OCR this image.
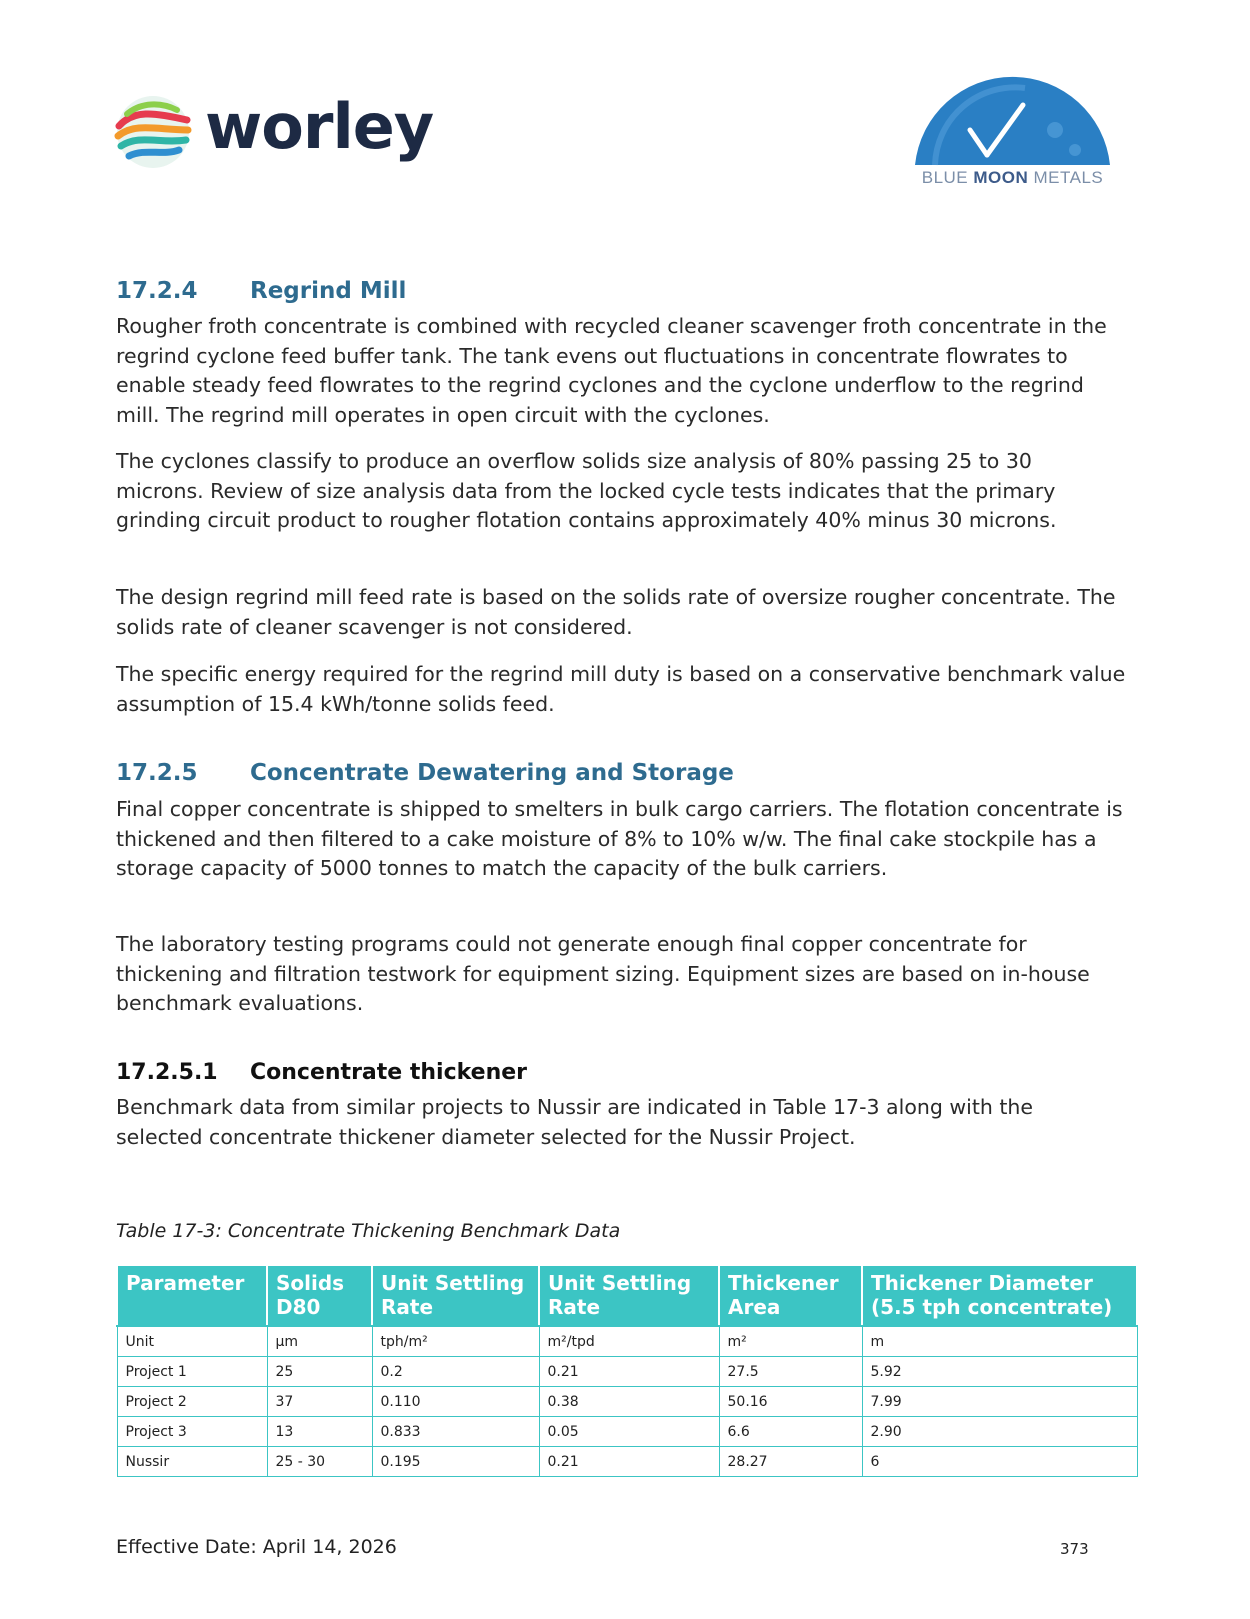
worley
BLUE MOON METALS
17.2.4 Regrind Mill

Rougher froth concentrate is combined with recycled cleaner scavenger froth concentrate in the regrind cyclone feed buffer tank. The tank evens out fluctuations in concentrate flowrates to enable steady feed flowrates to the regrind cyclones and the cyclone underflow to the regrind mill. The regrind mill operates in open circuit with the cyclones.

The cyclones classify to produce an overflow solids size analysis of 80% passing 25 to 30 microns. Review of size analysis data from the locked cycle tests indicates that the primary grinding circuit product to rougher flotation contains approximately 40% minus 30 microns.

The design regrind mill feed rate is based on the solids rate of oversize rougher concentrate. The solids rate of cleaner scavenger is not considered.

The specific energy required for the regrind mill duty is based on a conservative benchmark value assumption of 15.4 kWh/tonne solids feed.

17.2.5 Concentrate Dewatering and Storage

Final copper concentrate is shipped to smelters in bulk cargo carriers. The flotation concentrate is thickened and then filtered to a cake moisture of 8% to 10% w/w. The final cake stockpile has a storage capacity of 5000 tonnes to match the capacity of the bulk carriers.

The laboratory testing programs could not generate enough final copper concentrate for thickening and filtration testwork for equipment sizing. Equipment sizes are based on in-house benchmark evaluations.

17.2.5.1 Concentrate thickener

Benchmark data from similar projects to Nussir are indicated in Table 17-3 along with the selected concentrate thickener diameter selected for the Nussir Project.

Table 17-3: Concentrate Thickening Benchmark Data
Parameter	Solids D80	Unit Settling Rate	Unit Settling Rate	Thickener Area	Thickener Diameter (5.5 tph concentrate)
Unit	µm	tph/m²	m²/tpd	m²	m
Project 1	25	0.2	0.21	27.5	5.92
Project 2	37	0.110	0.38	50.16	7.99
Project 3	13	0.833	0.05	6.6	2.90
Nussir	25 - 30	0.195	0.21	28.27	6
Effective Date: April 14, 2026	373
